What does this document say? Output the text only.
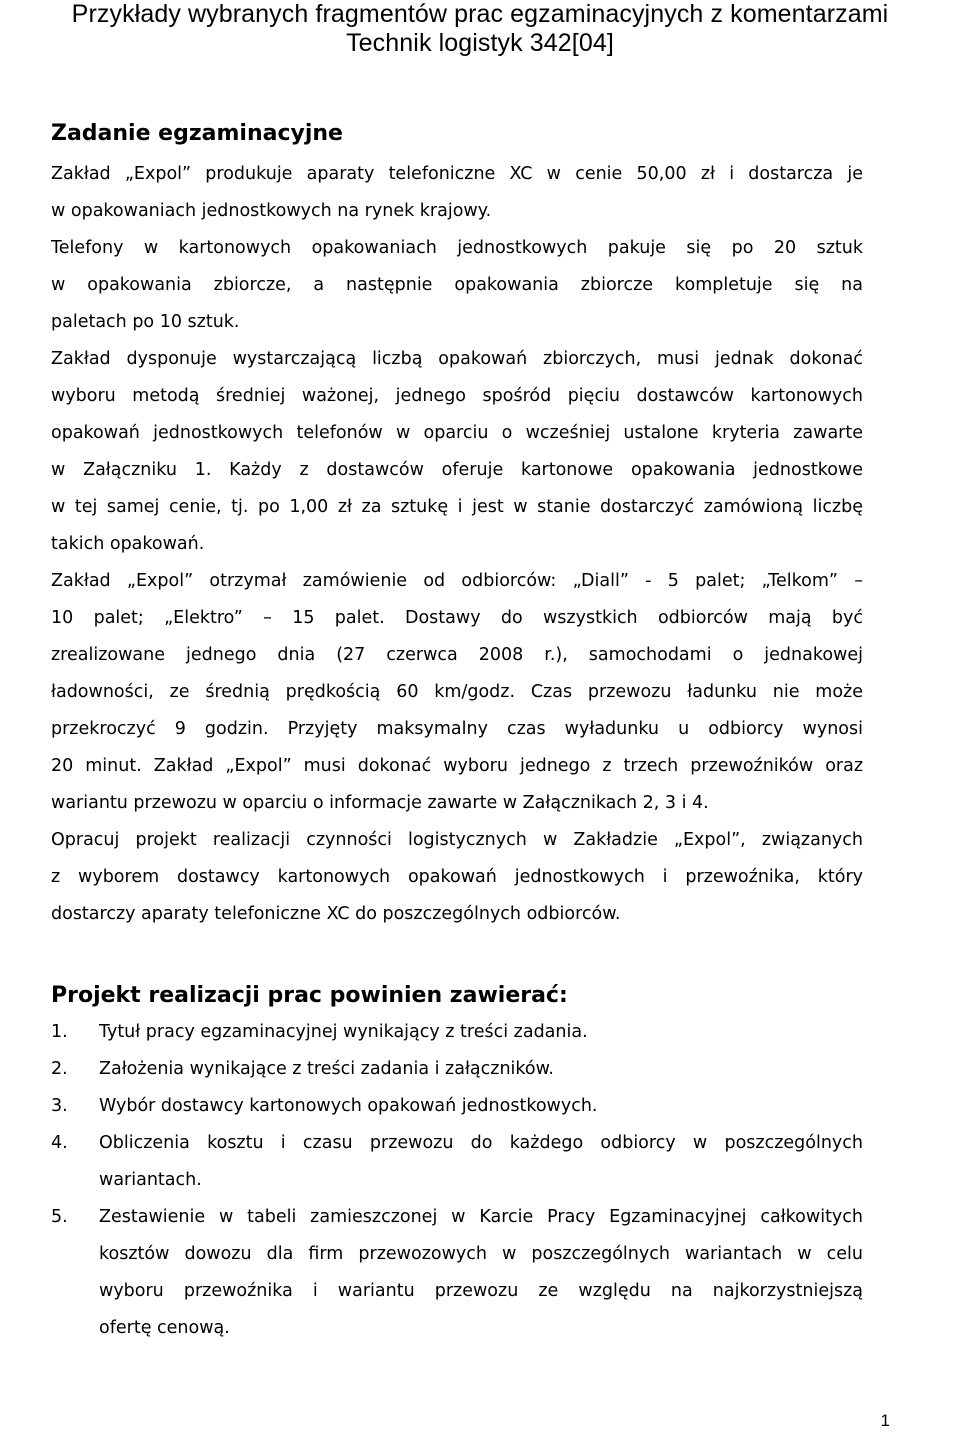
Przykłady wybranych fragmentów prac egzaminacyjnych z komentarzami
Technik logistyk 342[04]
Zadanie egzaminacyjne

Zakład „Expol” produkuje aparaty telefoniczne XC w cenie 50,00 zł i dostarcza je
w opakowaniach jednostkowych na rynek krajowy.

Telefony w kartonowych opakowaniach jednostkowych pakuje się po 20 sztuk
w opakowania zbiorcze, a następnie opakowania zbiorcze kompletuje się na
paletach po 10 sztuk.

Zakład dysponuje wystarczającą liczbą opakowań zbiorczych, musi jednak dokonać
wyboru metodą średniej ważonej, jednego spośród pięciu dostawców kartonowych
opakowań jednostkowych telefonów w oparciu o wcześniej ustalone kryteria zawarte
w Załączniku 1. Każdy z dostawców oferuje kartonowe opakowania jednostkowe
w tej samej cenie, tj. po 1,00 zł za sztukę i jest w stanie dostarczyć zamówioną liczbę
takich opakowań.

Zakład „Expol” otrzymał zamówienie od odbiorców: „Diall” - 5 palet; „Telkom” –
10 palet; „Elektro” – 15 palet. Dostawy do wszystkich odbiorców mają być
zrealizowane jednego dnia (27 czerwca 2008 r.), samochodami o jednakowej
ładowności, ze średnią prędkością 60 km/godz. Czas przewozu ładunku nie może
przekroczyć 9 godzin. Przyjęty maksymalny czas wyładunku u odbiorcy wynosi
20 minut. Zakład „Expol” musi dokonać wyboru jednego z trzech przewoźników oraz
wariantu przewozu w oparciu o informacje zawarte w Załącznikach 2, 3 i 4.

Opracuj projekt realizacji czynności logistycznych w Zakładzie „Expol”, związanych
z wyborem dostawcy kartonowych opakowań jednostkowych i przewoźnika, który
dostarczy aparaty telefoniczne XC do poszczególnych odbiorców.

Projekt realizacji prac powinien zawierać:
1. Tytuł pracy egzaminacyjnej wynikający z treści zadania.
2. Założenia wynikające z treści zadania i załączników.
3. Wybór dostawcy kartonowych opakowań jednostkowych.
4. Obliczenia kosztu i czasu przewozu do każdego odbiorcy w poszczególnych
wariantach.
5. Zestawienie w tabeli zamieszczonej w Karcie Pracy Egzaminacyjnej całkowitych
kosztów dowozu dla firm przewozowych w poszczególnych wariantach w celu
wyboru przewoźnika i wariantu przewozu ze względu na najkorzystniejszą
ofertę cenową.
1
